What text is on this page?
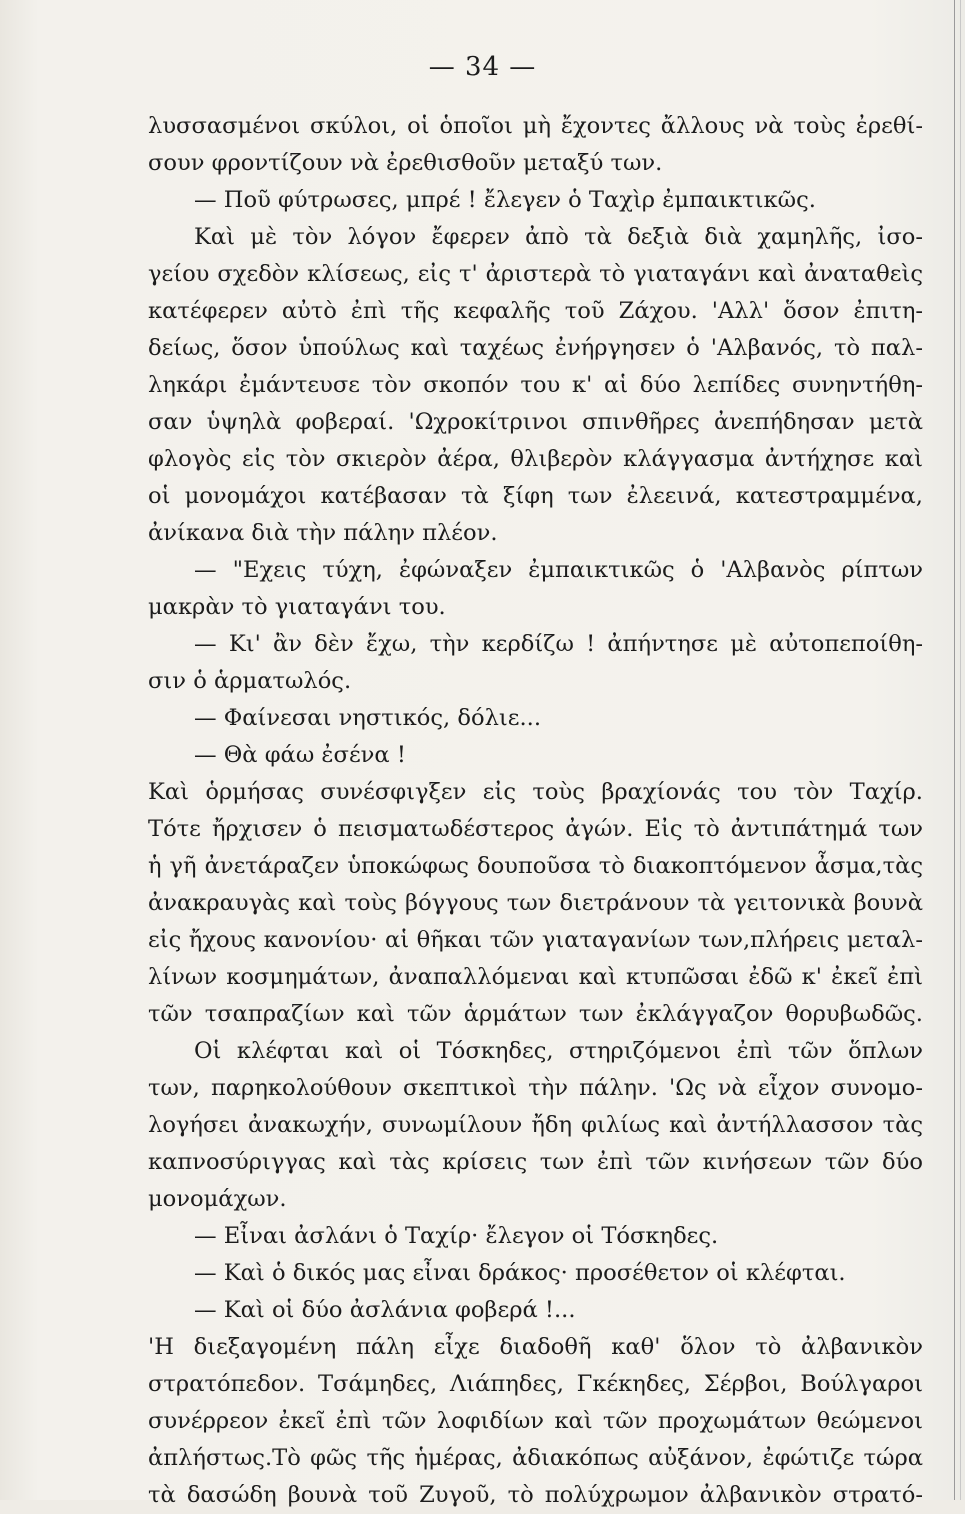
— 34 —
λυσσασμένοι σκύλοι, οἱ ὁποῖοι μὴ ἔχοντες ἄλλους νὰ τοὺς ἐρεθί-
σουν φροντίζουν νὰ ἐρεθισθοῦν μεταξύ των.
— Ποῦ φύτρωσες, μπρέ ! ἔλεγεν ὁ Ταχὶρ ἐμπαικτικῶς.
Καὶ μὲ τὸν λόγον ἔφερεν ἀπὸ τὰ δεξιὰ διὰ χαμηλῆς, ἰσο-
γείου σχεδὸν κλίσεως, εἰς τ' ἀριστερὰ τὸ γιαταγάνι καὶ ἀναταθεὶς
κατέφερεν αὐτὸ ἐπὶ τῆς κεφαλῆς τοῦ Ζάχου. 'Αλλ' ὅσον ἐπιτη-
δείως, ὅσον ὑπούλως καὶ ταχέως ἐνήργησεν ὁ 'Αλβανός, τὸ παλ-
ληκάρι ἐμάντευσε τὸν σκοπόν του κ' αἱ δύο λεπίδες συνηντήθη-
σαν ὑψηλὰ φοβεραί. 'Ωχροκίτρινοι σπινθῆρες ἀνεπήδησαν μετὰ
φλογὸς εἰς τὸν σκιερὸν ἀέρα, θλιβερὸν κλάγγασμα ἀντήχησε καὶ
οἱ μονομάχοι κατέβασαν τὰ ξίφη των ἐλεεινά, κατεστραμμένα,
ἀνίκανα διὰ τὴν πάλην πλέον.
— "Εχεις τύχη, ἐφώναξεν ἐμπαικτικῶς ὁ 'Αλβανὸς ρίπτων
μακρὰν τὸ γιαταγάνι του.
— Κι' ἂν δὲν ἔχω, τὴν κερδίζω ! ἀπήντησε μὲ αὐτοπεποίθη-
σιν ὁ ἁρματωλός.
— Φαίνεσαι νηστικός, δόλιε...
— Θὰ φάω ἐσένα !
Καὶ ὁρμήσας συνέσφιγξεν εἰς τοὺς βραχίονάς του τὸν Ταχίρ.
Τότε ἤρχισεν ὁ πεισματωδέστερος ἀγών. Εἰς τὸ ἀντιπάτημά των
ἡ γῆ ἀνετάραζεν ὑποκώφως δουποῦσα τὸ διακοπτόμενον ἆσμα,τὰς
ἀνακραυγὰς καὶ τοὺς βόγγους των διετράνουν τὰ γειτονικὰ βουνὰ
εἰς ἤχους κανονίου· αἱ θῆκαι τῶν γιαταγανίων των,πλήρεις μεταλ-
λίνων κοσμημάτων, ἀναπαλλόμεναι καὶ κτυπῶσαι ἐδῶ κ' ἐκεῖ ἐπὶ
τῶν τσαπραζίων καὶ τῶν ἁρμάτων των ἐκλάγγαζον θορυβωδῶς.
Οἱ κλέφται καὶ οἱ Τόσκηδες, στηριζόμενοι ἐπὶ τῶν ὅπλων
των, παρηκολούθουν σκεπτικοὶ τὴν πάλην. 'Ως νὰ εἶχον συνομο-
λογήσει ἀνακωχήν, συνωμίλουν ἤδη φιλίως καὶ ἀντήλλασσον τὰς
καπνοσύριγγας καὶ τὰς κρίσεις των ἐπὶ τῶν κινήσεων τῶν δύο
μονομάχων.
— Εἶναι ἀσλάνι ὁ Ταχίρ· ἔλεγον οἱ Τόσκηδες.
— Καὶ ὁ δικός μας εἶναι δράκος· προσέθετον οἱ κλέφται.
— Καὶ οἱ δύο ἀσλάνια φοβερά !...
'Η διεξαγομένη πάλη εἶχε διαδοθῆ καθ' ὅλον τὸ ἀλβανικὸν
στρατόπεδον. Τσάμηδες, Λιάπηδες, Γκέκηδες, Σέρβοι, Βούλγαροι
συνέρρεον ἐκεῖ ἐπὶ τῶν λοφιδίων καὶ τῶν προχωμάτων θεώμενοι
ἀπλήστως.Τὸ φῶς τῆς ἡμέρας, ἀδιακόπως αὐξάνον, ἐφώτιζε τώρα
τὰ δασώδη βουνὰ τοῦ Ζυγοῦ, τὸ πολύχρωμον ἀλβανικὸν στρατό-
